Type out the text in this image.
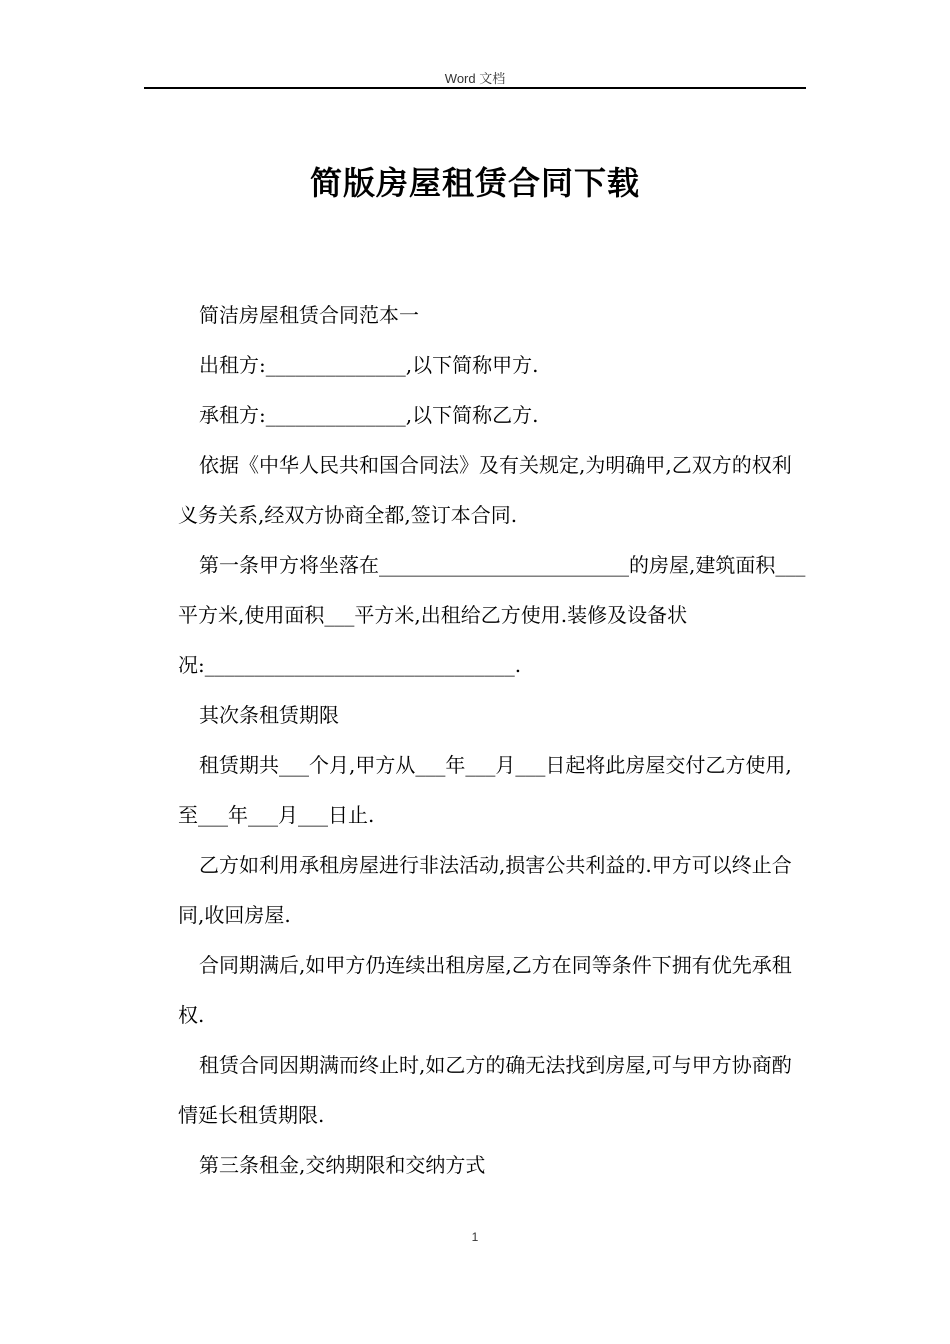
Word 文档
简版房屋租赁合同下载

简洁房屋租赁合同范本一

出租方:______________,以下简称甲方.

承租方:______________,以下简称乙方.

依据《中华人民共和国合同法》及有关规定,为明确甲,乙双方的权利义务关系,经双方协商全都,签订本合同.

第一条甲方将坐落在_________________________的房屋,建筑面积___平方米,使用面积___平方米,出租给乙方使用.装修及设备状况:_______________________________.

其次条租赁期限

租赁期共___个月,甲方从___年___月___日起将此房屋交付乙方使用,至___年___月___日止.

乙方如利用承租房屋进行非法活动,损害公共利益的.甲方可以终止合同,收回房屋.

合同期满后,如甲方仍连续出租房屋,乙方在同等条件下拥有优先承租权.

租赁合同因期满而终止时,如乙方的确无法找到房屋,可与甲方协商酌情延长租赁期限.

第三条租金,交纳期限和交纳方式

1
